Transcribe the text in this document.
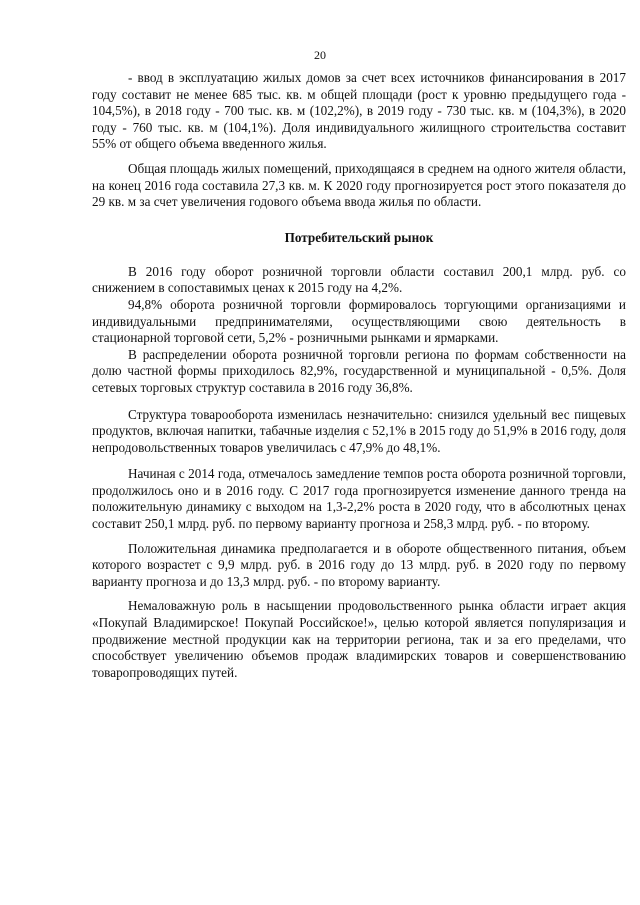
20

- ввод в эксплуатацию жилых домов за счет всех источников финансирования в 2017 году составит не менее 685 тыс. кв. м общей площади (рост к уровню предыдущего года - 104,5%), в 2018 году - 700 тыс. кв. м (102,2%), в 2019 году - 730 тыс. кв. м (104,3%), в 2020 году - 760 тыс. кв. м (104,1%). Доля индивидуального жилищного строительства составит 55% от общего объема введенного жилья.

Общая площадь жилых помещений, приходящаяся в среднем на одного жителя области, на конец 2016 года составила 27,3 кв. м. К 2020 году прогнозируется рост этого показателя до 29 кв. м за счет увеличения годового объема ввода жилья по области.

Потребительский рынок

В 2016 году оборот розничной торговли области составил 200,1 млрд. руб. со снижением в сопоставимых ценах к 2015 году на 4,2%.

94,8% оборота розничной торговли формировалось торгующими организациями и индивидуальными предпринимателями, осуществляющими свою деятельность в стационарной торговой сети, 5,2% - розничными рынками и ярмарками.

В распределении оборота розничной торговли региона по формам собственности на долю частной формы приходилось 82,9%, государственной и муниципальной - 0,5%. Доля сетевых торговых структур составила в 2016 году 36,8%.

Структура товарооборота изменилась незначительно: снизился удельный вес пищевых продуктов, включая напитки, табачные изделия с 52,1% в 2015 году до 51,9% в 2016 году, доля непродовольственных товаров увеличилась с 47,9% до 48,1%.

Начиная с 2014 года, отмечалось замедление темпов роста оборота розничной торговли, продолжилось оно и в 2016 году. С 2017 года прогнозируется изменение данного тренда на положительную динамику с выходом на 1,3-2,2% роста в 2020 году, что в абсолютных ценах составит 250,1 млрд. руб. по первому варианту прогноза и 258,3 млрд. руб. - по второму.

Положительная динамика предполагается и в обороте общественного питания, объем которого возрастет с 9,9 млрд. руб. в 2016 году до 13 млрд. руб. в 2020 году по первому варианту прогноза и до 13,3 млрд. руб. - по второму варианту.

Немаловажную роль в насыщении продовольственного рынка области играет акция «Покупай Владимирское! Покупай Российское!», целью которой является популяризация и продвижение местной продукции как на территории региона, так и за его пределами, что способствует увеличению объемов продаж владимирских товаров и совершенствованию товаропроводящих путей.
